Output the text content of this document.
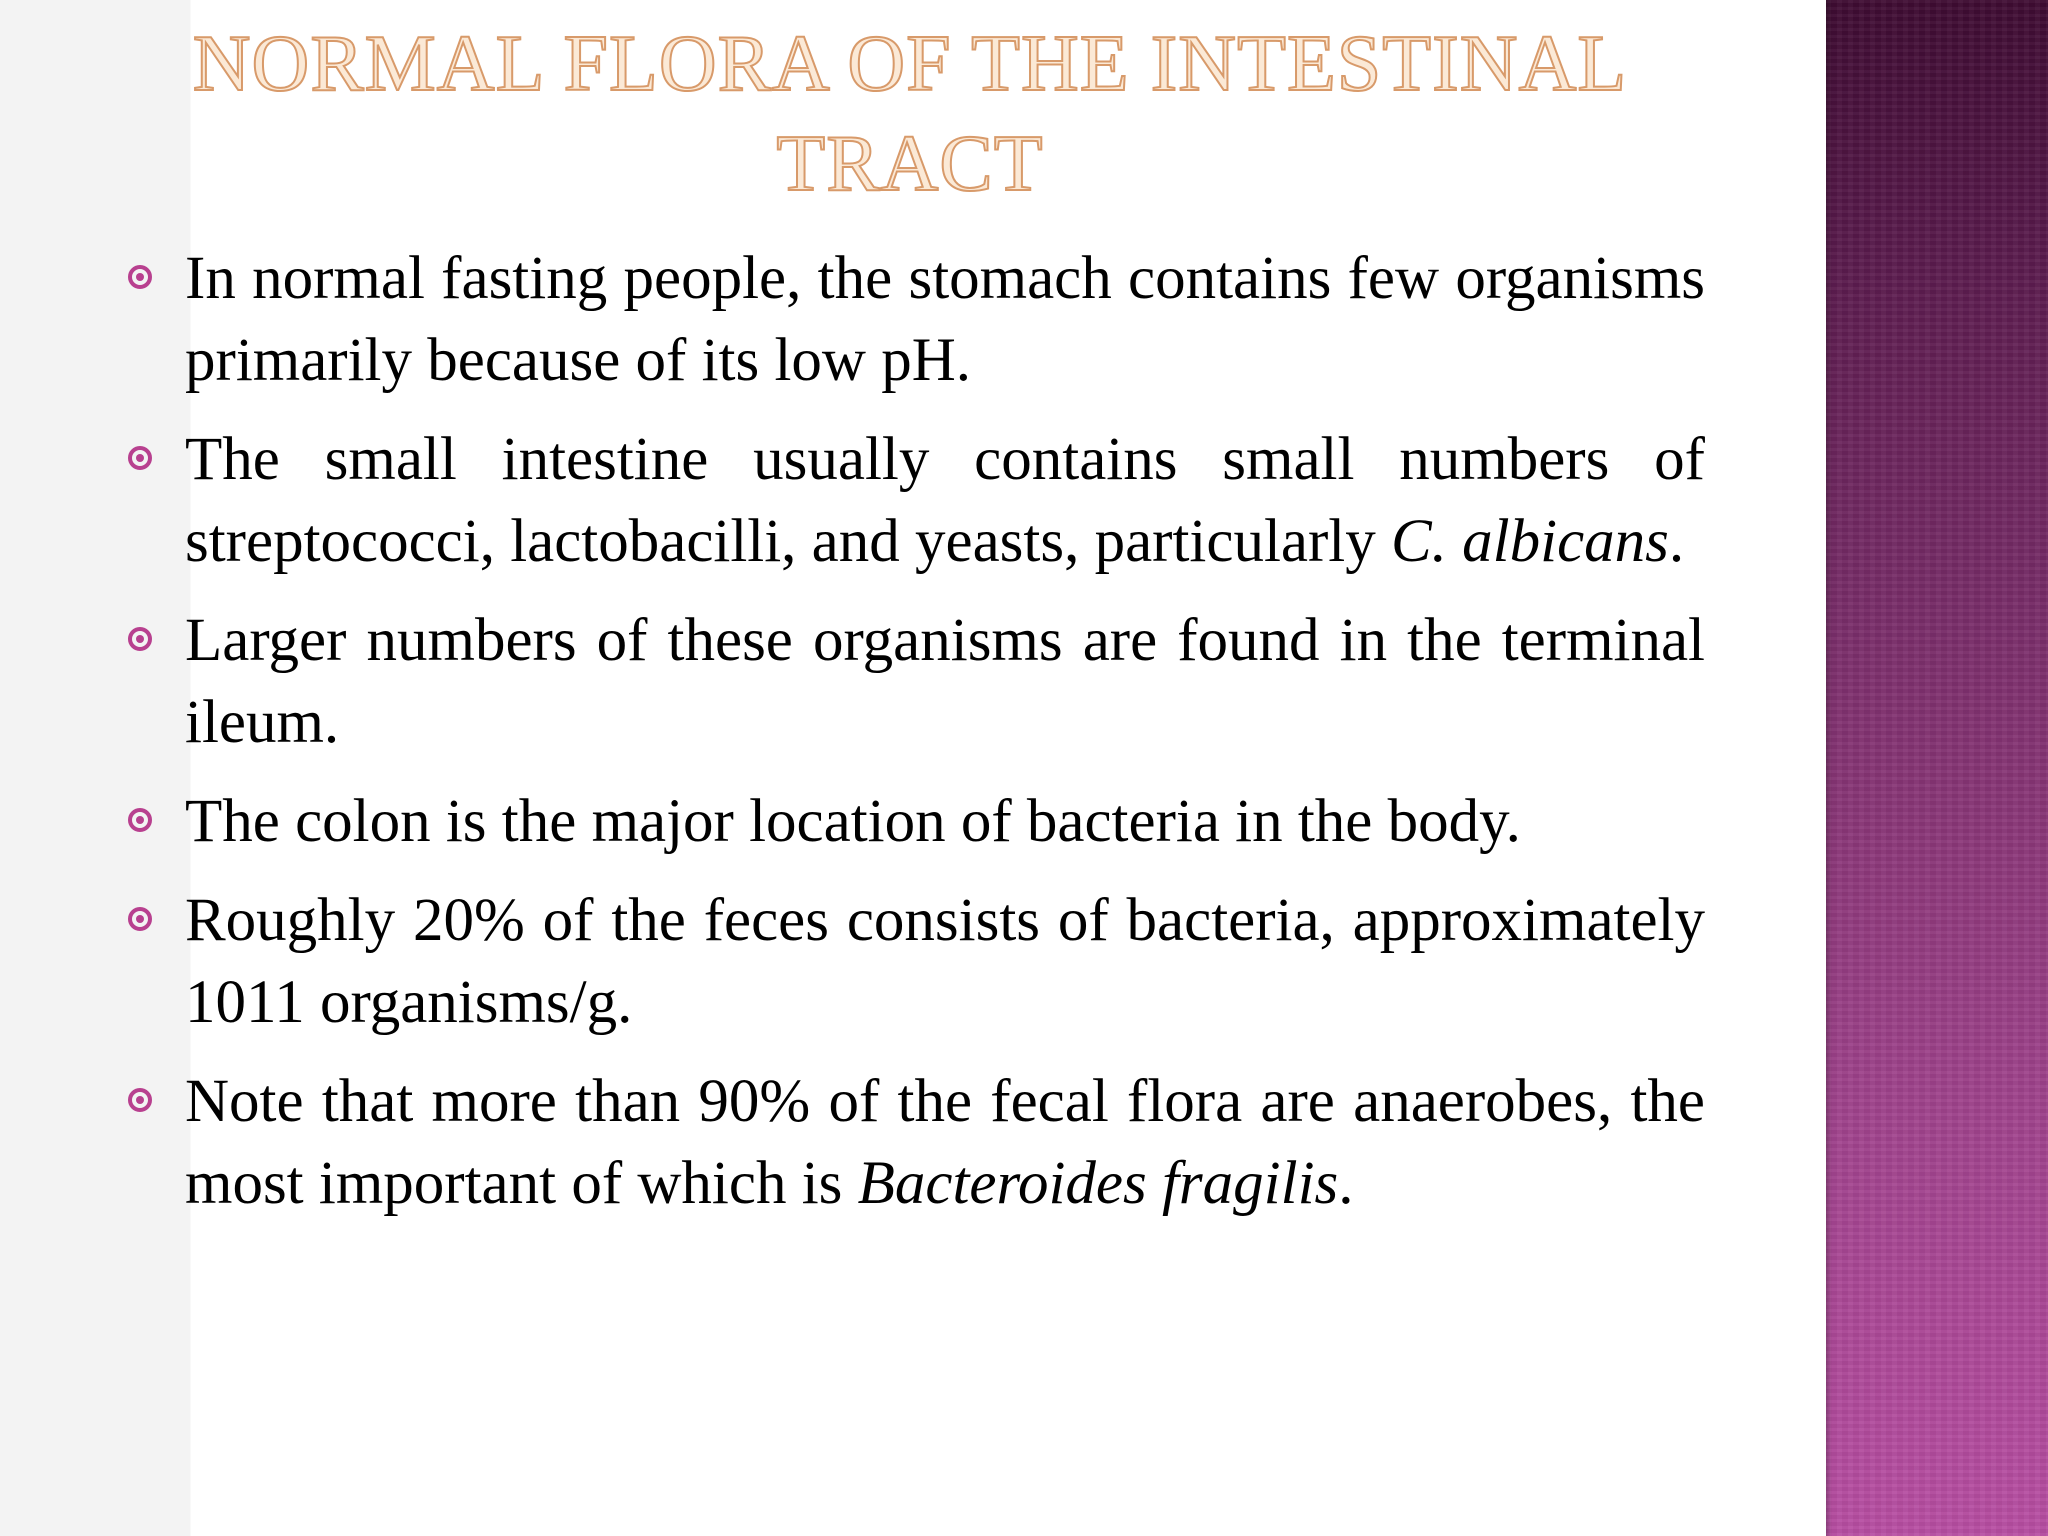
NORMAL FLORA OF THE INTESTINAL
TRACT
In normal fasting people, the stomach contains few organisms primarily because of its low pH.
The small intestine usually contains small numbers of streptococci, lactobacilli, and yeasts, particularly C. albicans.
Larger numbers of these organisms are found in the terminal ileum.
The colon is the major location of bacteria in the body.
Roughly 20% of the feces consists of bacteria, approximately 1011 organisms/g.
Note that more than 90% of the fecal flora are anaerobes, the most important of which is Bacteroides fragilis.
